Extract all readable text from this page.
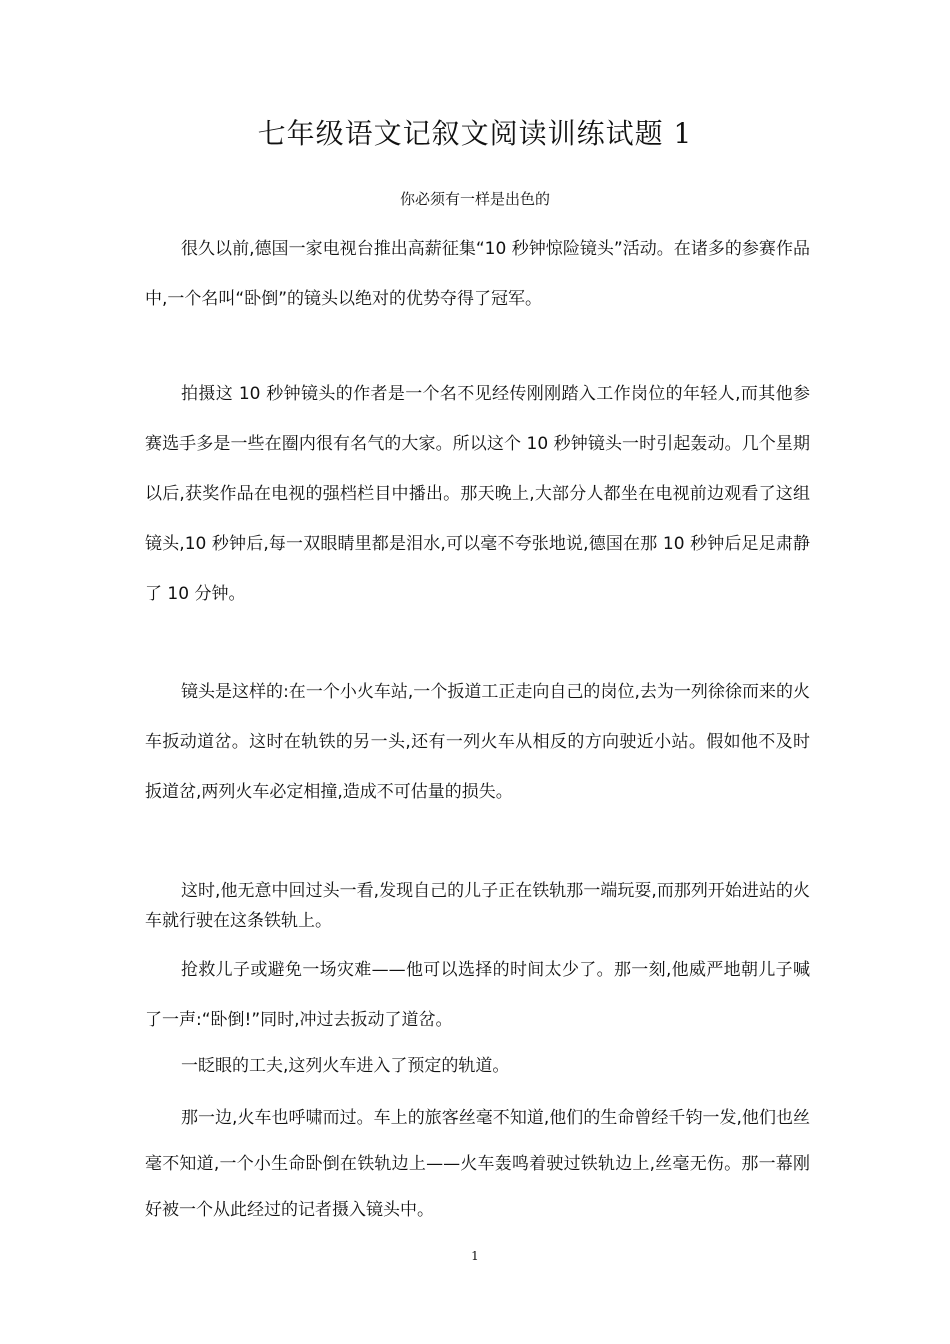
七年级语文记叙文阅读训练试题 1
你必须有一样是出色的

很久以前,德国一家电视台推出高薪征集“10 秒钟惊险镜头”活动。在诸多的参赛作品中,一个名叫“卧倒”的镜头以绝对的优势夺得了冠军。

拍摄这 10 秒钟镜头的作者是一个名不见经传刚刚踏入工作岗位的年轻人,而其他参赛选手多是一些在圈内很有名气的大家。所以这个 10 秒钟镜头一时引起轰动。几个星期以后,获奖作品在电视的强档栏目中播出。那天晚上,大部分人都坐在电视前边观看了这组镜头,10 秒钟后,每一双眼睛里都是泪水,可以毫不夸张地说,德国在那 10 秒钟后足足肃静了 10 分钟。

镜头是这样的:在一个小火车站,一个扳道工正走向自己的岗位,去为一列徐徐而来的火车扳动道岔。这时在轨铁的另一头,还有一列火车从相反的方向驶近小站。假如他不及时扳道岔,两列火车必定相撞,造成不可估量的损失。

这时,他无意中回过头一看,发现自己的儿子正在铁轨那一端玩耍,而那列开始进站的火车就行驶在这条铁轨上。

抢救儿子或避免一场灾难——他可以选择的时间太少了。那一刻,他威严地朝儿子喊了一声:“卧倒!”同时,冲过去扳动了道岔。

一眨眼的工夫,这列火车进入了预定的轨道。

那一边,火车也呼啸而过。车上的旅客丝毫不知道,他们的生命曾经千钧一发,他们也丝毫不知道,一个小生命卧倒在铁轨边上——火车轰鸣着驶过铁轨边上,丝毫无伤。那一幕刚好被一个从此经过的记者摄入镜头中。

1
